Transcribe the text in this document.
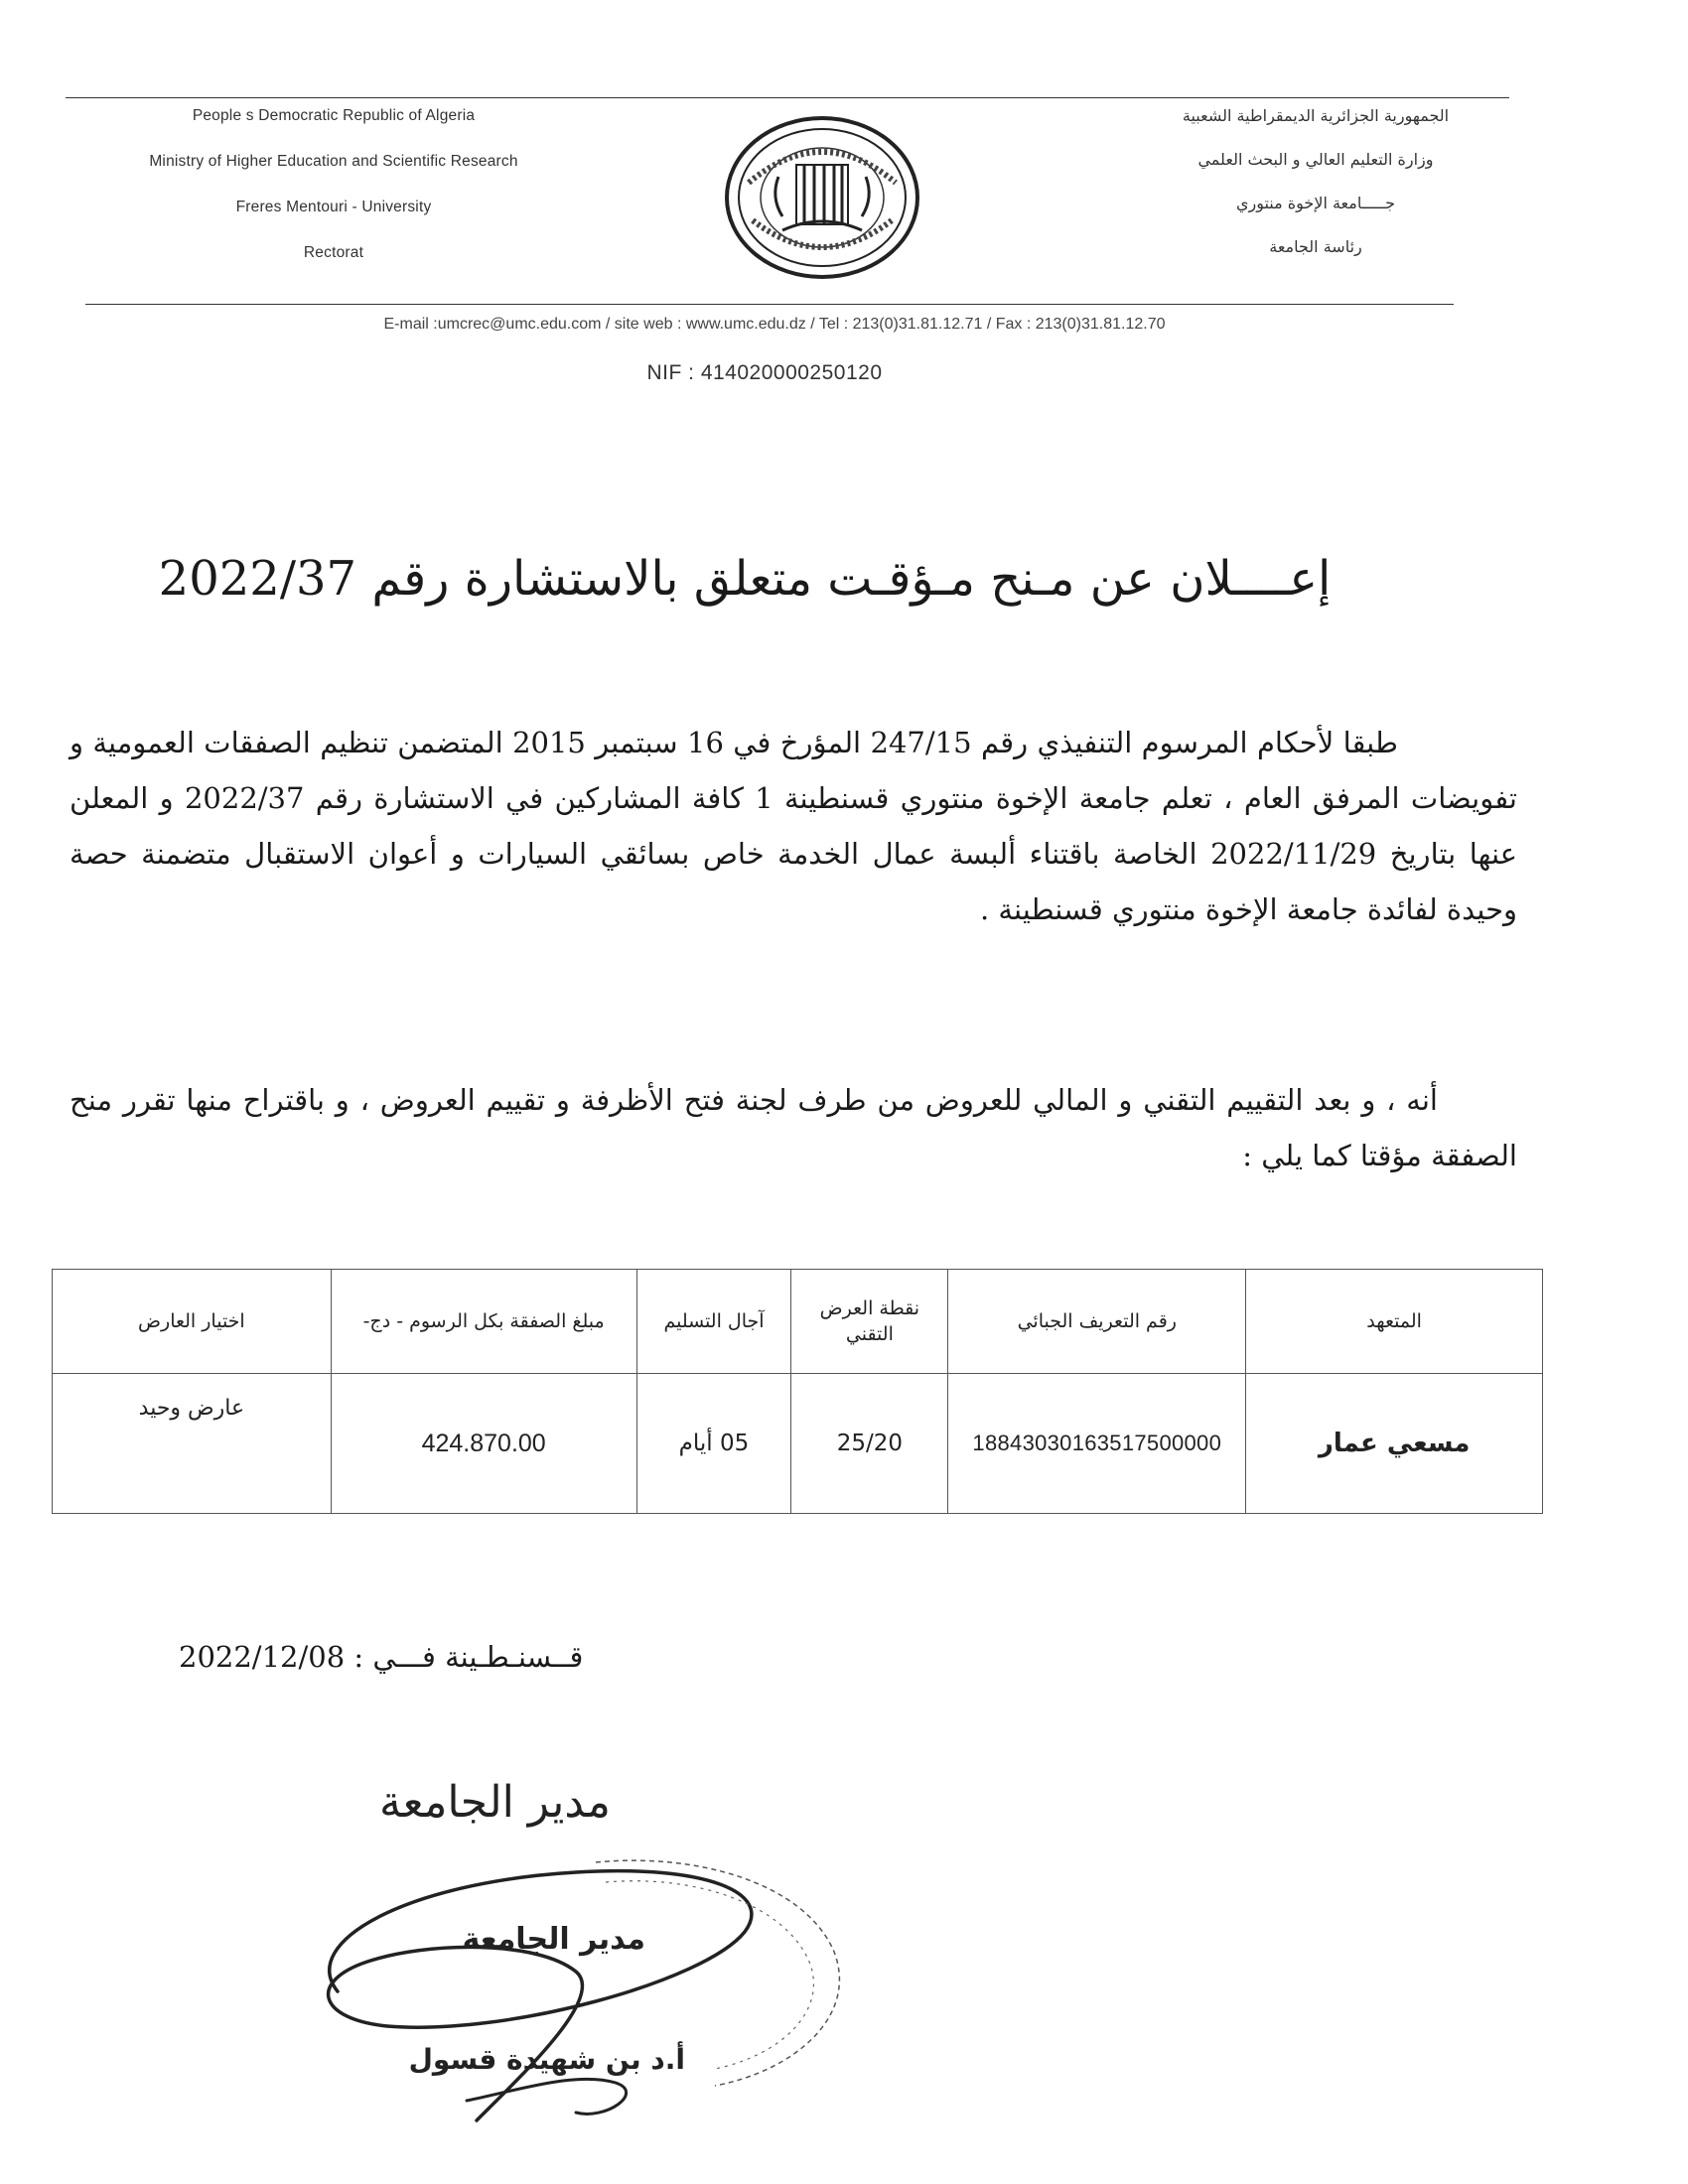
People s Democratic Republic of Algeria
Ministry of Higher Education and Scientific Research
Freres Mentouri - University
Rectorat
الجمهورية الجزائرية الديمقراطية الشعبية
وزارة التعليم العالي و البحث العلمي
جـــــامعة الإخوة منتوري
رئاسة الجامعة
E-mail :umcrec@umc.edu.com / site web : www.umc.edu.dz / Tel : 213(0)31.81.12.71 / Fax : 213(0)31.81.12.70
NIF : 414020000250120
إعــــلان عن مـنح مـؤقـت متعلق بالاستشارة رقم 2022/37
طبقا لأحكام المرسوم التنفيذي رقم 247/15 المؤرخ في 16 سبتمبر 2015 المتضمن تنظيم الصفقات العمومية و تفويضات المرفق العام ، تعلم جامعة الإخوة منتوري قسنطينة 1 كافة المشاركين في الاستشارة رقم 2022/37 و المعلن عنها بتاريخ 2022/11/29 الخاصة باقتناء ألبسة عمال الخدمة خاص بسائقي السيارات و أعوان الاستقبال متضمنة حصة وحيدة لفائدة جامعة الإخوة منتوري قسنطينة .
أنه ، و بعد التقييم التقني و المالي للعروض من طرف لجنة فتح الأظرفة و تقييم العروض ، و باقتراح منها تقرر منح الصفقة مؤقتا كما يلي :
المتعهد	رقم التعريف الجبائي	نقطة العرض التقني	آجال التسليم	مبلغ الصفقة بكل الرسوم - دج-	اختيار العارض
مسعي عمار	18843030163517500000	25/20	05 أيام	424.870.00	عارض وحيد
قــسنـطـينة فـــي : 2022/12/08
مدير الجامعة
مدير الجامعة
أ.د بن شهيدة قسول
